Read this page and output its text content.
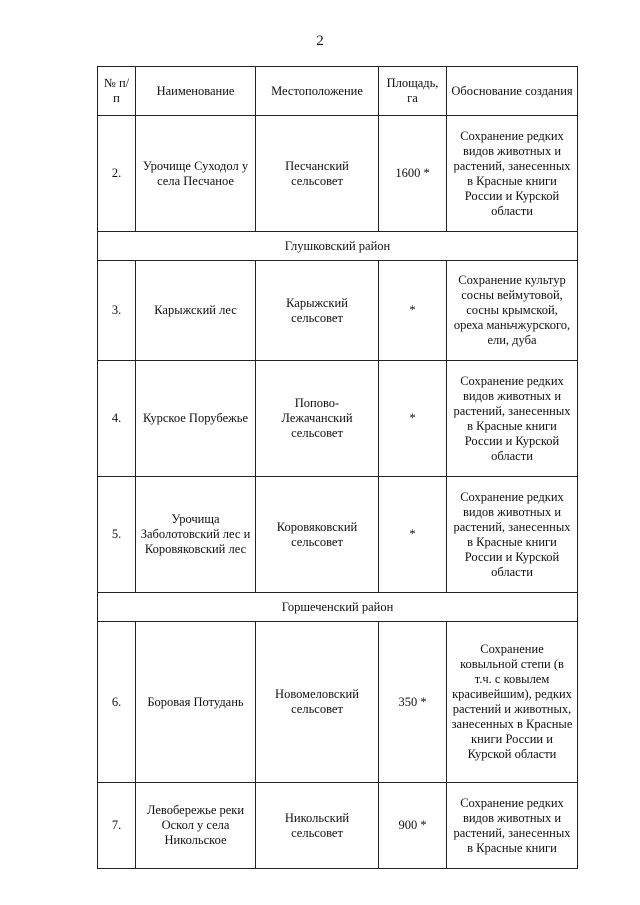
2
№ п/п	Наименование	Местоположение	Площадь, га	Обоснование создания
2.	Урочище Суходол у села Песчаное	Песчанский сельсовет	1600 *	Сохранение редких видов животных и растений, занесенных в Красные книги России и Курской области
Глушковский район				
3.	Карыжский лес	Карыжский сельсовет	*	Сохранение культур сосны веймутовой, сосны крымской, ореха маньчжурского, ели, дуба
4.	Курское Порубежье	Попово-Лежачанский сельсовет	*	Сохранение редких видов животных и растений, занесенных в Красные книги России и Курской области
5.	Урочища Заболотовский лес и Коровяковский лес	Коровяковский сельсовет	*	Сохранение редких видов животных и растений, занесенных в Красные книги России и Курской области
Горшеченский район				
6.	Боровая Потудань	Новомеловский сельсовет	350 *	Сохранение ковыльной степи (в т.ч. с ковылем красивейшим), редких растений и животных, занесенных в Красные книги России и Курской области
7.	Левобережье реки Оскол у села Никольское	Никольский сельсовет	900 *	Сохранение редких видов животных и растений, занесенных в Красные книги
